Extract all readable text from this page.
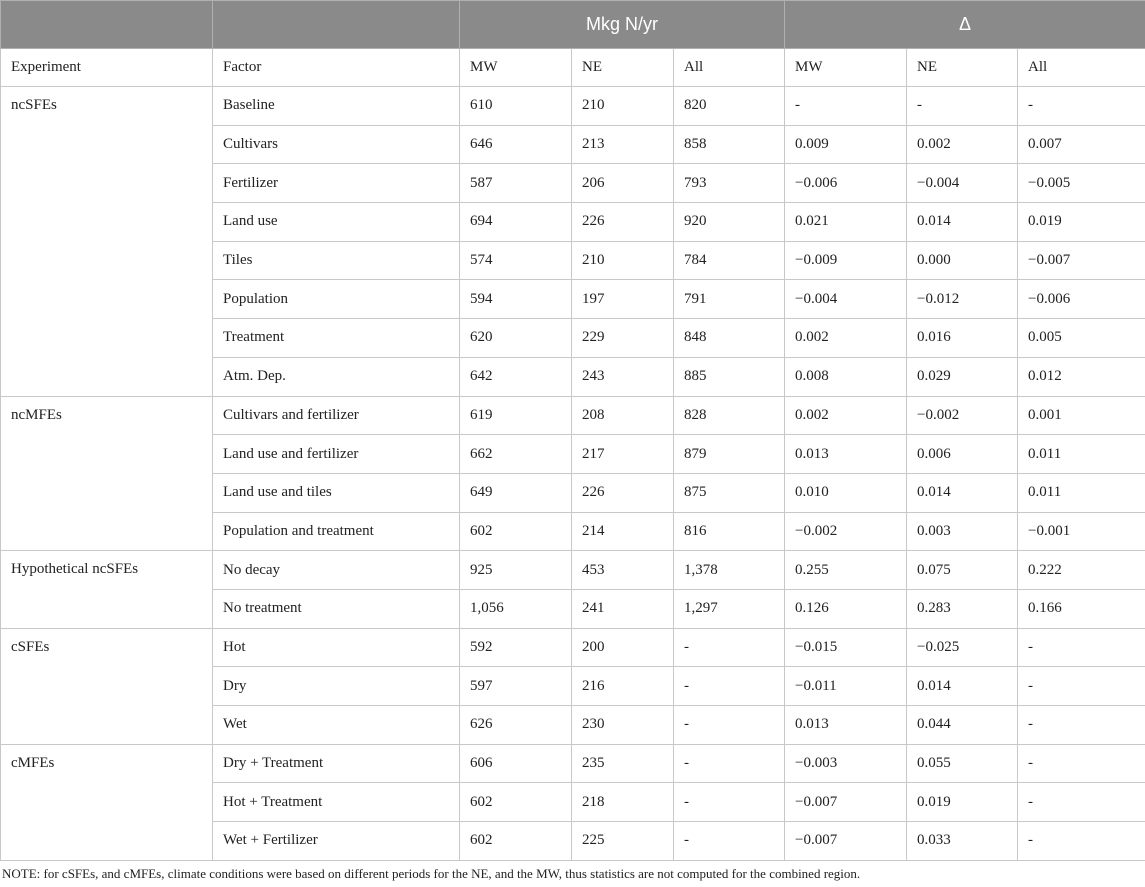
		Mkg N/yr			Δ		
Experiment	Factor	MW	NE	All	MW	NE	All
ncSFEs	Baseline	610	210	820	-	-	-
	Cultivars	646	213	858	0.009	0.002	0.007
	Fertilizer	587	206	793	−0.006	−0.004	−0.005
	Land use	694	226	920	0.021	0.014	0.019
	Tiles	574	210	784	−0.009	0.000	−0.007
	Population	594	197	791	−0.004	−0.012	−0.006
	Treatment	620	229	848	0.002	0.016	0.005
	Atm. Dep.	642	243	885	0.008	0.029	0.012
ncMFEs	Cultivars and fertilizer	619	208	828	0.002	−0.002	0.001
	Land use and fertilizer	662	217	879	0.013	0.006	0.011
	Land use and tiles	649	226	875	0.010	0.014	0.011
	Population and treatment	602	214	816	−0.002	0.003	−0.001
Hypothetical ncSFEs	No decay	925	453	1,378	0.255	0.075	0.222
	No treatment	1,056	241	1,297	0.126	0.283	0.166
cSFEs	Hot	592	200	-	−0.015	−0.025	-
	Dry	597	216	-	−0.011	0.014	-
	Wet	626	230	-	0.013	0.044	-
cMFEs	Dry + Treatment	606	235	-	−0.003	0.055	-
	Hot + Treatment	602	218	-	−0.007	0.019	-
	Wet + Fertilizer	602	225	-	−0.007	0.033	-
NOTE: for cSFEs, and cMFEs, climate conditions were based on different periods for the NE, and the MW, thus statistics are not computed for the combined region.
